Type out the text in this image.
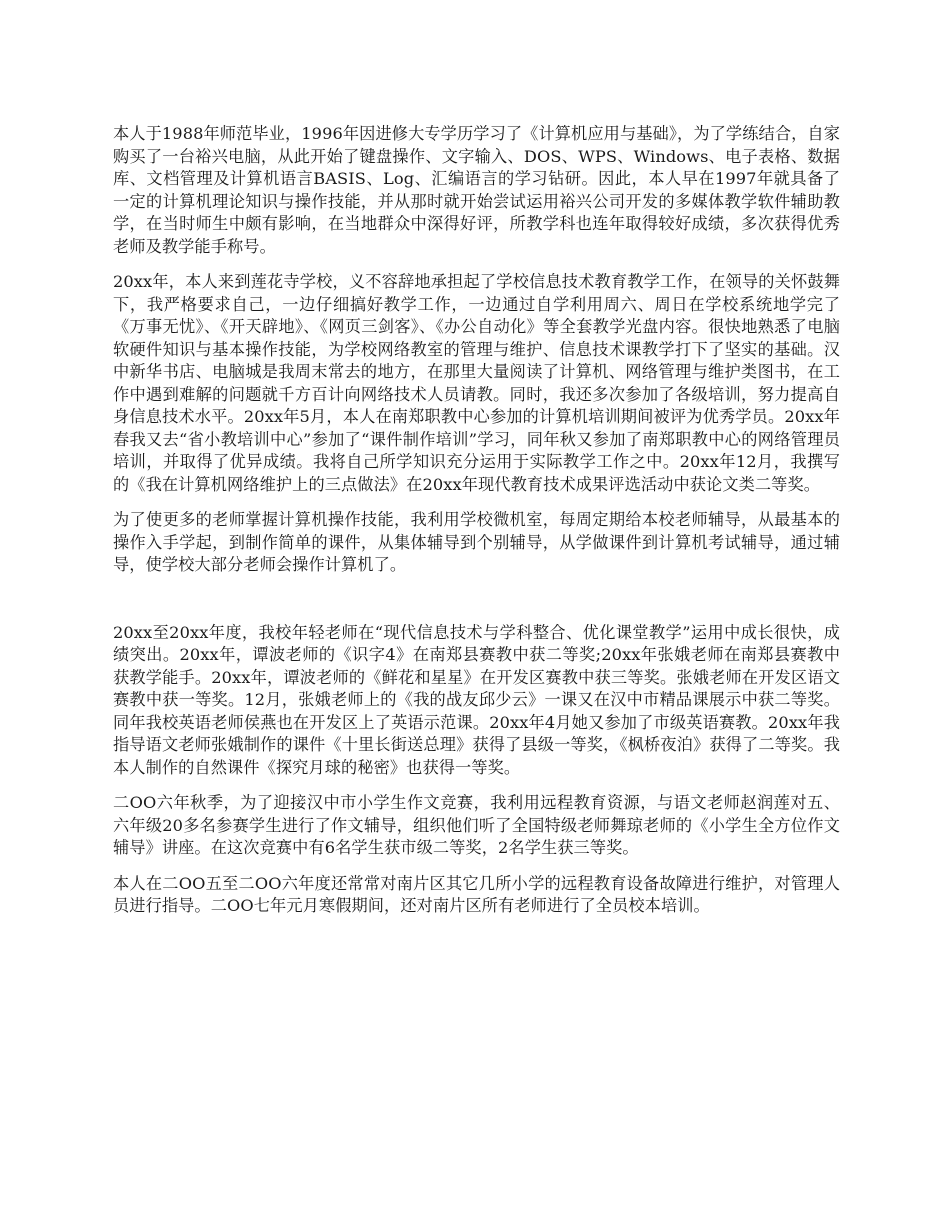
本人于1988年师范毕业，1996年因进修大专学历学习了《计算机应用与基础》，为了学练结合，自家购买了一台裕兴电脑，从此开始了键盘操作、文字输入、DOS、WPS、Windows、电子表格、数据库、文档管理及计算机语言BASIS、Log、汇编语言的学习钻研。因此，本人早在1997年就具备了一定的计算机理论知识与操作技能，并从那时就开始尝试运用裕兴公司开发的多媒体教学软件辅助教学，在当时师生中颇有影响，在当地群众中深得好评，所教学科也连年取得较好成绩，多次获得优秀老师及教学能手称号。

20xx年，本人来到莲花寺学校，义不容辞地承担起了学校信息技术教育教学工作，在领导的关怀鼓舞下，我严格要求自己，一边仔细搞好教学工作，一边通过自学利用周六、周日在学校系统地学完了《万事无忧》、《开天辟地》、《网页三剑客》、《办公自动化》等全套教学光盘内容。很快地熟悉了电脑软硬件知识与基本操作技能，为学校网络教室的管理与维护、信息技术课教学打下了坚实的基础。汉中新华书店、电脑城是我周末常去的地方，在那里大量阅读了计算机、网络管理与维护类图书，在工作中遇到难解的问题就千方百计向网络技术人员请教。同时，我还多次参加了各级培训，努力提高自身信息技术水平。20xx年5月，本人在南郑职教中心参加的计算机培训期间被评为优秀学员。20xx年春我又去“省小教培训中心”参加了“课件制作培训”学习，同年秋又参加了南郑职教中心的网络管理员培训，并取得了优异成绩。我将自己所学知识充分运用于实际教学工作之中。20xx年12月，我撰写的《我在计算机网络维护上的三点做法》在20xx年现代教育技术成果评选活动中获论文类二等奖。

为了使更多的老师掌握计算机操作技能，我利用学校微机室，每周定期给本校老师辅导，从最基本的操作入手学起，到制作简单的课件，从集体辅导到个别辅导，从学做课件到计算机考试辅导，通过辅导，使学校大部分老师会操作计算机了。

20xx至20xx年度，我校年轻老师在“现代信息技术与学科整合、优化课堂教学”运用中成长很快，成绩突出。20xx年，谭波老师的《识字4》在南郑县赛教中获二等奖;20xx年张娥老师在南郑县赛教中获教学能手。20xx年，谭波老师的《鲜花和星星》在开发区赛教中获三等奖。张娥老师在开发区语文赛教中获一等奖。12月，张娥老师上的《我的战友邱少云》一课又在汉中市精品课展示中获二等奖。同年我校英语老师侯燕也在开发区上了英语示范课。20xx年4月她又参加了市级英语赛教。20xx年我指导语文老师张娥制作的课件《十里长街送总理》获得了县级一等奖，《枫桥夜泊》获得了二等奖。我本人制作的自然课件《探究月球的秘密》也获得一等奖。

二OO六年秋季，为了迎接汉中市小学生作文竞赛，我利用远程教育资源，与语文老师赵润莲对五、六年级20多名参赛学生进行了作文辅导，组织他们听了全国特级老师舞琼老师的《小学生全方位作文辅导》讲座。在这次竞赛中有6名学生获市级二等奖，2名学生获三等奖。

本人在二OO五至二OO六年度还常常对南片区其它几所小学的远程教育设备故障进行维护，对管理人员进行指导。二OO七年元月寒假期间，还对南片区所有老师进行了全员校本培训。
